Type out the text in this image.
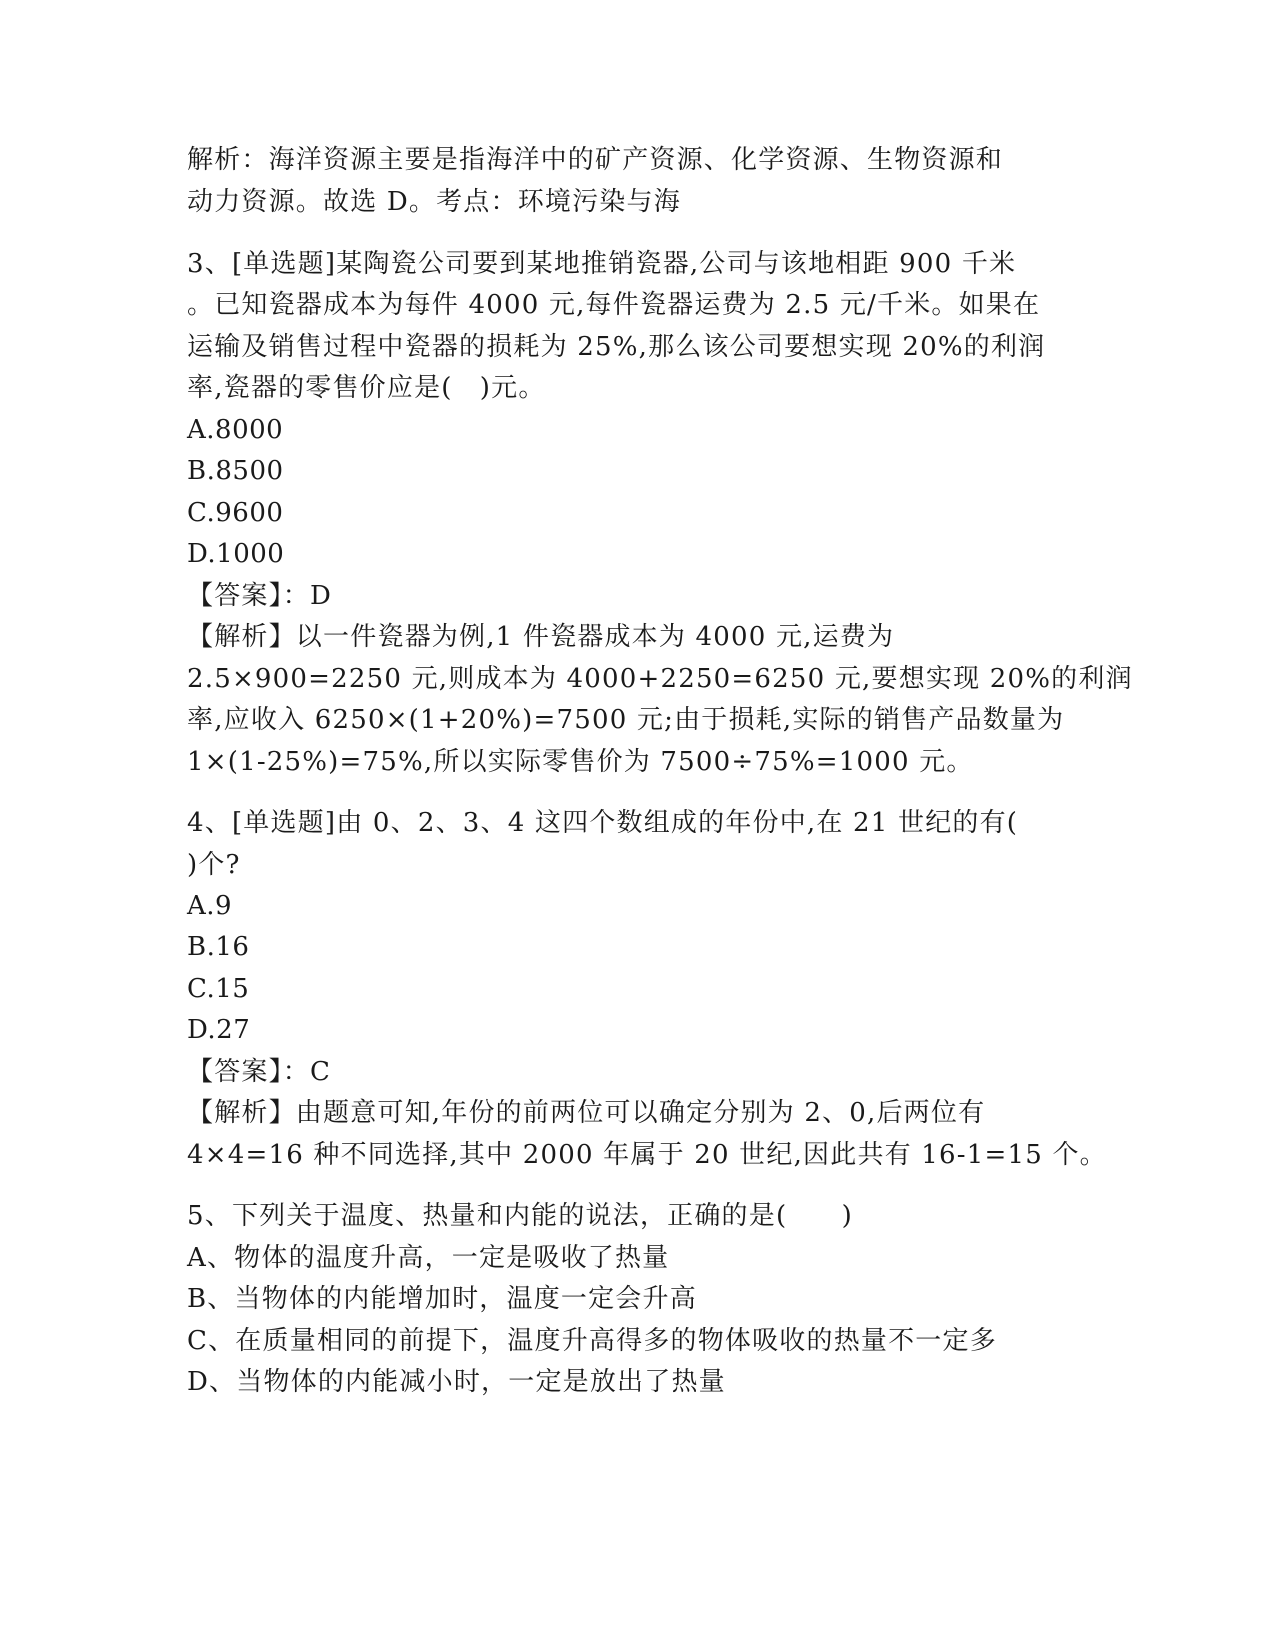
解析：海洋资源主要是指海洋中的矿产资源、化学资源、生物资源和
动力资源。故选 D。考点：环境污染与海
3、[单选题]某陶瓷公司要到某地推销瓷器,公司与该地相距 900 千米
。已知瓷器成本为每件 4000 元,每件瓷器运费为 2.5 元/千米。如果在
运输及销售过程中瓷器的损耗为 25%,那么该公司要想实现 20%的利润
率,瓷器的零售价应是(　)元。
A.8000
B.8500
C.9600
D.1000
【答案】：D
【解析】以一件瓷器为例,1 件瓷器成本为 4000 元,运费为
2.5×900=2250 元,则成本为 4000+2250=6250 元,要想实现 20%的利润
率,应收入 6250×(1+20%)=7500 元;由于损耗,实际的销售产品数量为
1×(1-25%)=75%,所以实际零售价为 7500÷75%=1000 元。
4、[单选题]由 0、2、3、4 这四个数组成的年份中,在 21 世纪的有(
)个?
A.9
B.16
C.15
D.27
【答案】：C
【解析】由题意可知,年份的前两位可以确定分别为 2、0,后两位有
4×4=16 种不同选择,其中 2000 年属于 20 世纪,因此共有 16-1=15 个。
5、下列关于温度、热量和内能的说法，正确的是(　　)
A、物体的温度升高，一定是吸收了热量
B、当物体的内能增加时，温度一定会升高
C、在质量相同的前提下，温度升高得多的物体吸收的热量不一定多
D、当物体的内能减小时，一定是放出了热量
